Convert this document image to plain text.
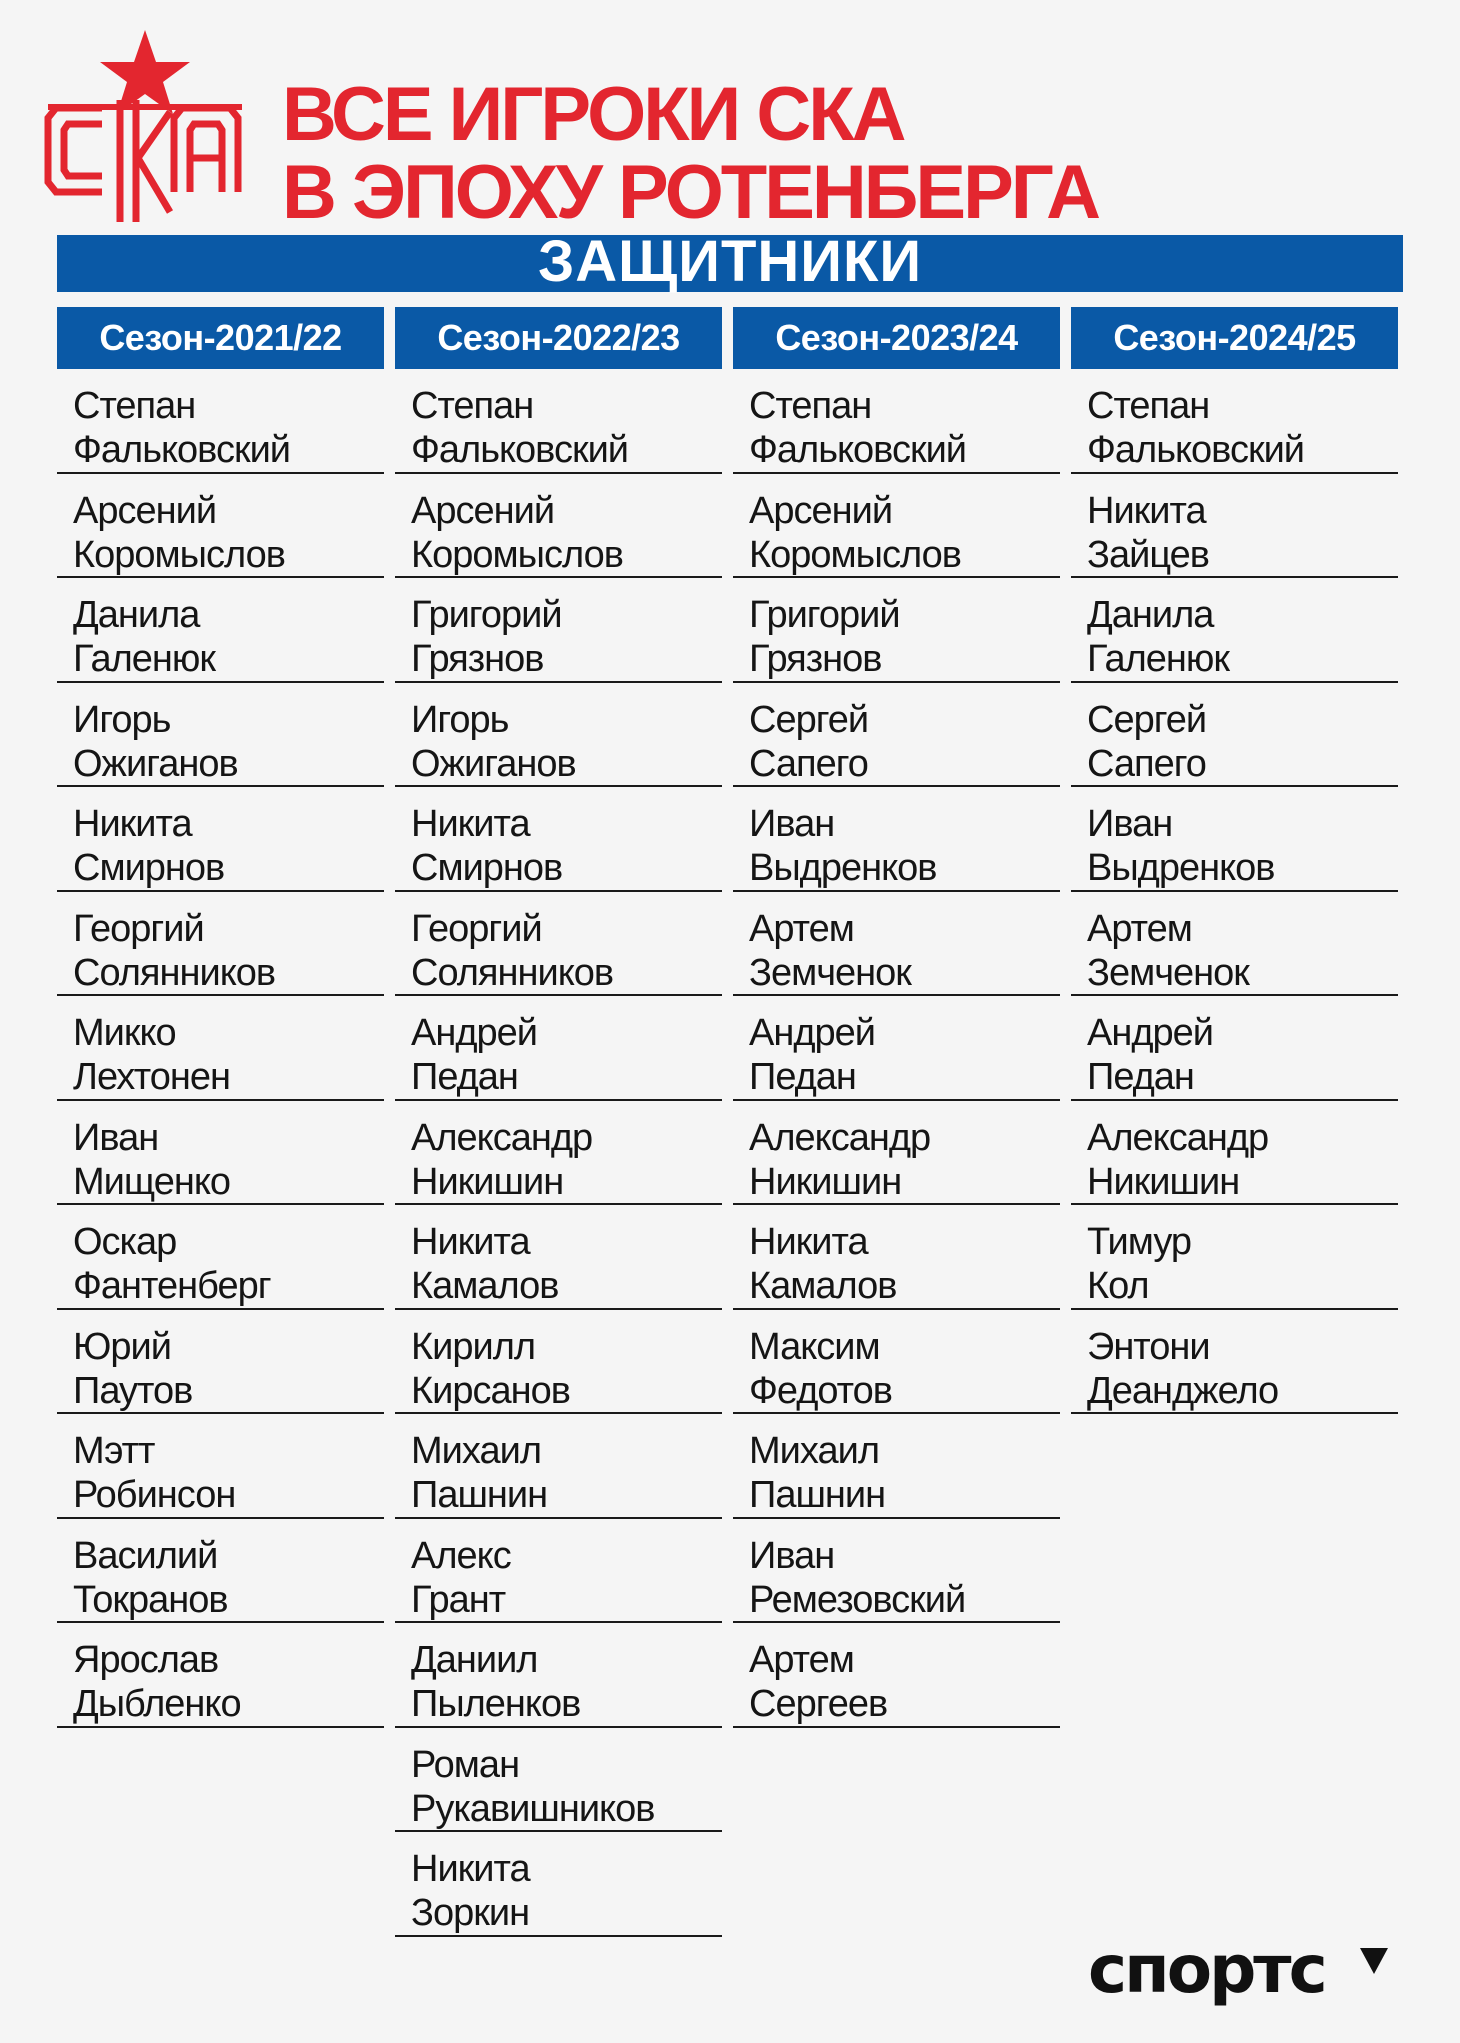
ВСЕ ИГРОКИ СКА
В ЭПОХУ РОТЕНБЕРГА
ЗАЩИТНИКИ
Сезон-2021/22
Степан
Фальковский
Арсений
Коромыслов
Данила
Галенюк
Игорь
Ожиганов
Никита
Смирнов
Георгий
Солянников
Микко
Лехтонен
Иван
Мищенко
Оскар
Фантенберг
Юрий
Паутов
Мэтт
Робинсон
Василий
Токранов
Ярослав
Дыбленко
Сезон-2022/23
Степан
Фальковский
Арсений
Коромыслов
Григорий
Грязнов
Игорь
Ожиганов
Никита
Смирнов
Георгий
Солянников
Андрей
Педан
Александр
Никишин
Никита
Камалов
Кирилл
Кирсанов
Михаил
Пашнин
Алекс
Грант
Даниил
Пыленков
Роман
Рукавишников
Никита
Зоркин
Сезон-2023/24
Степан
Фальковский
Арсений
Коромыслов
Григорий
Грязнов
Сергей
Сапего
Иван
Выдренков
Артем
Земченок
Андрей
Педан
Александр
Никишин
Никита
Камалов
Максим
Федотов
Михаил
Пашнин
Иван
Ремезовский
Артем
Сергеев
Сезон-2024/25
Степан
Фальковский
Никита
Зайцев
Данила
Галенюк
Сергей
Сапего
Иван
Выдренков
Артем
Земченок
Андрей
Педан
Александр
Никишин
Тимур
Кол
Энтони
Деанджело
спортс
